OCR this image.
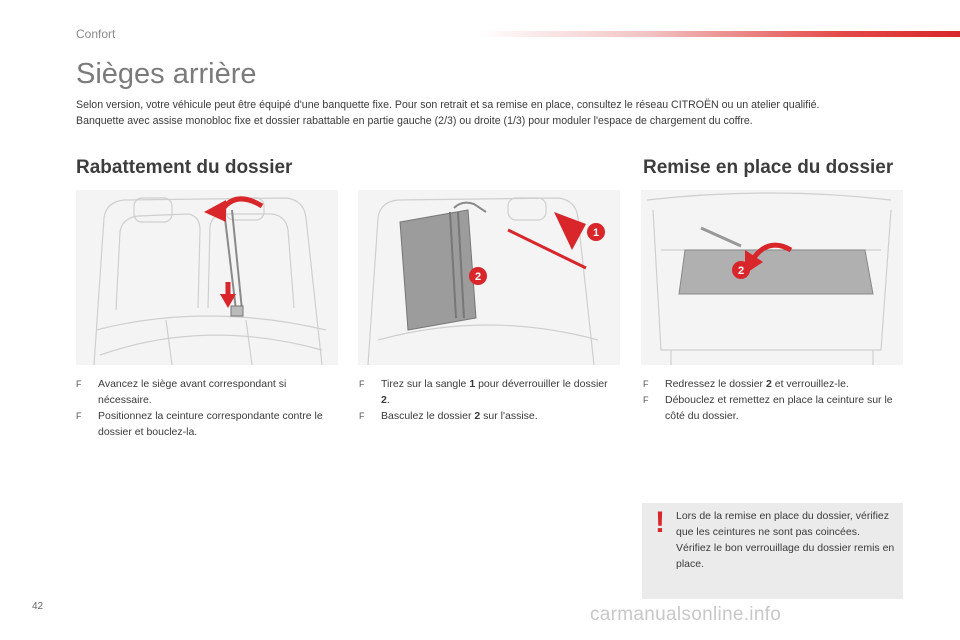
Confort
Sièges arrière

Selon version, votre véhicule peut être équipé d'une banquette fixe. Pour son retrait et sa remise en place, consultez le réseau CITROËN ou un atelier qualifié.

Banquette avec assise monobloc fixe et dossier rabattable en partie gauche (2/3) ou droite (1/3) pour moduler l'espace de chargement du coffre.

Rabattement du dossier	Remise en place du dossier
1
2	2
F Avancez le siège avant correspondant si nécessaire.
F Positionnez la ceinture correspondante contre le dossier et bouclez-la.
F Tirez sur la sangle 1 pour déverrouiller le dossier 2.
F Basculez le dossier 2 sur l'assise.
F Redressez le dossier 2 et verrouillez-le.
F Débouclez et remettez en place la ceinture sur le côté du dossier.
! Lors de la remise en place du dossier, vérifiez que les ceintures ne sont pas coincées.
Vérifiez le bon verrouillage du dossier remis en place.
42	carmanualsonline.info
